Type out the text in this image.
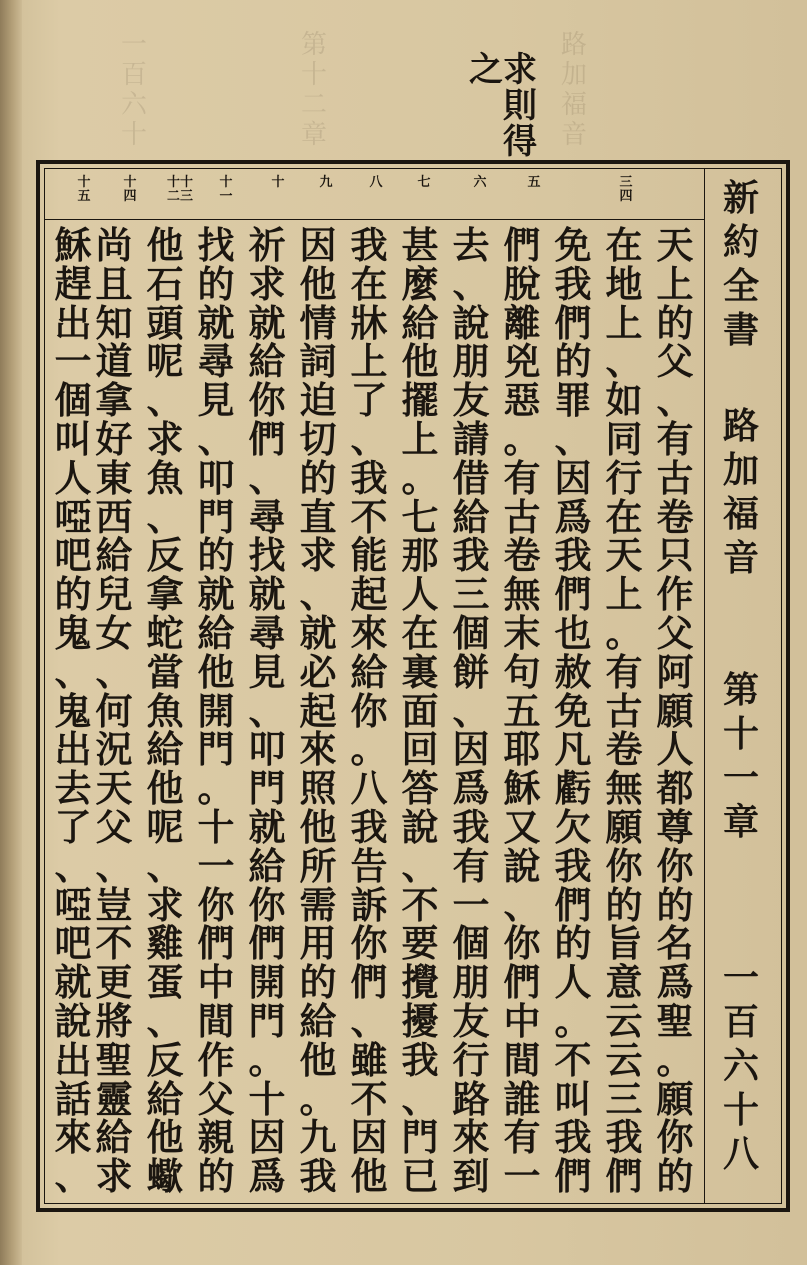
路
加
福
音
第
十
二
章
一
百
六
十
求
則
得
之
三
四
五
六
七
八
九
十
十
一
十十
二三
十
四
十
五
天
上
的
父
、
有
古
卷
只
作
父
阿
願
人
都
尊
你
的
名
爲
聖
。
願
你
的
在
地
上
、
如
同
行
在
天
上
。
有
古
卷
無
願
你
的
旨
意
云
云
三
我
們
免
我
們
的
罪
、
因
爲
我
們
也
赦
免
凡
虧
欠
我
們
的
人
。
不
叫
我
們
們
脫
離
兇
惡
。
有
古
卷
無
末
句
五
耶
穌
又
說
、
你
們
中
間
誰
有
一
去
、
說
朋
友
請
借
給
我
三
個
餅
、
因
爲
我
有
一
個
朋
友
行
路
來
到
甚
麼
給
他
擺
上
。
七
那
人
在
裏
面
回
答
說
、
不
要
攪
擾
我
、
門
已
我
在
牀
上
了
、
我
不
能
起
來
給
你
。
八
我
告
訴
你
們
、
雖
不
因
他
因
他
情
詞
迫
切
的
直
求
、
就
必
起
來
照
他
所
需
用
的
給
他
。
九
我
祈
求
就
給
你
們
、
尋
找
就
尋
見
、
叩
門
就
給
你
們
開
門
。
十
因
爲
找
的
就
尋
見
、
叩
門
的
就
給
他
開
門
。
十
一
你
們
中
間
作
父
親
的
他
石
頭
呢
、
求
魚
、
反
拿
蛇
當
魚
給
他
呢
、
求
雞
蛋
、
反
給
他
蠍
尚
且
知
道
拿
好
東
西
給
兒
女
、
何
況
天
父
、
豈
不
更
將
聖
靈
給
求
穌
趕
出
一
個
叫
人
啞
吧
的
鬼
、
鬼
出
去
了
、
啞
吧
就
說
出
話
來
、
新
約
全
書
路
加
福
音
第
十
一
章
一
百
六
十
八
